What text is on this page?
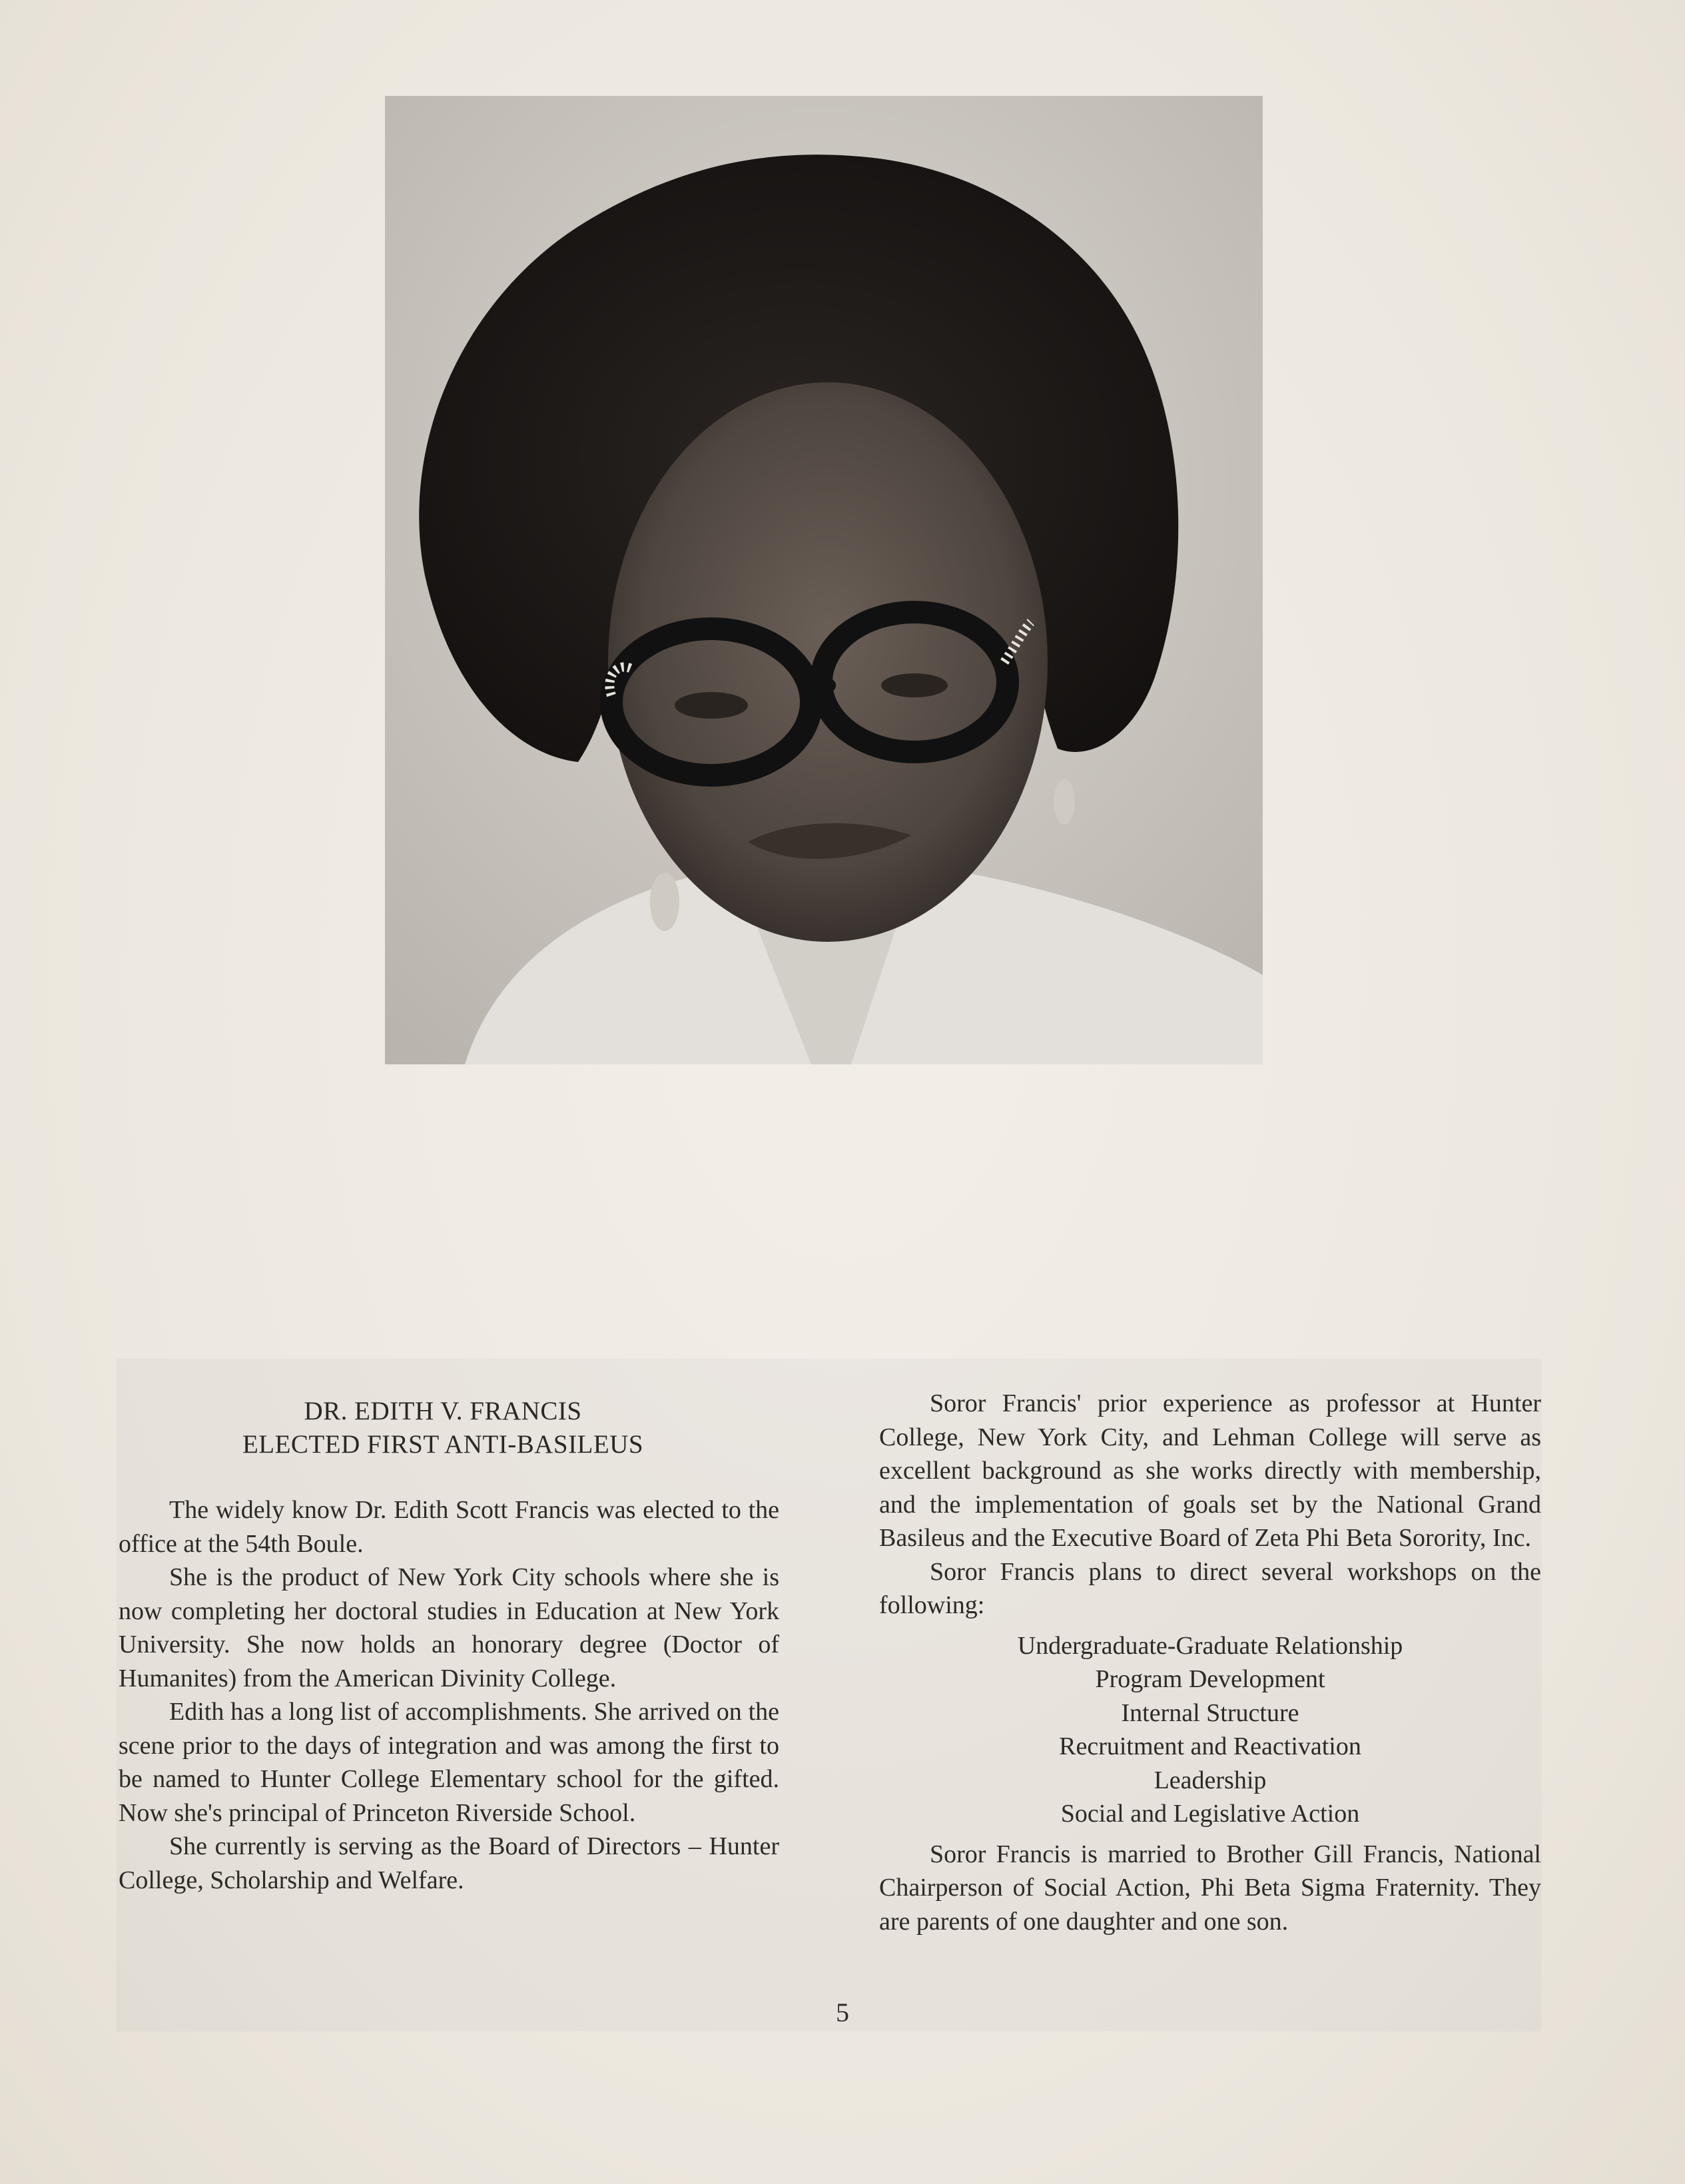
DR. EDITH V. FRANCIS
ELECTED FIRST ANTI-BASILEUS

The widely know Dr. Edith Scott Francis was elected to the office at the 54th Boule.

She is the product of New York City schools where she is now completing her doctoral studies in Education at New York University. She now holds an honorary degree (Doctor of Humanites) from the American Divinity College.

Edith has a long list of accomplishments. She arrived on the scene prior to the days of integration and was among the first to be named to Hunter College Elementary school for the gifted. Now she's principal of Princeton Riverside School.

She currently is serving as the Board of Directors – Hunter College, Scholarship and Welfare.

Soror Francis' prior experience as professor at Hunter College, New York City, and Lehman College will serve as excellent background as she works directly with membership, and the implementation of goals set by the National Grand Basileus and the Executive Board of Zeta Phi Beta Sorority, Inc.

Soror Francis plans to direct several workshops on the following:

Undergraduate-Graduate Relationship
Program Development
Internal Structure
Recruitment and Reactivation
Leadership
Social and Legislative Action

Soror Francis is married to Brother Gill Francis, National Chairperson of Social Action, Phi Beta Sigma Fraternity. They are parents of one daughter and one son.

5
